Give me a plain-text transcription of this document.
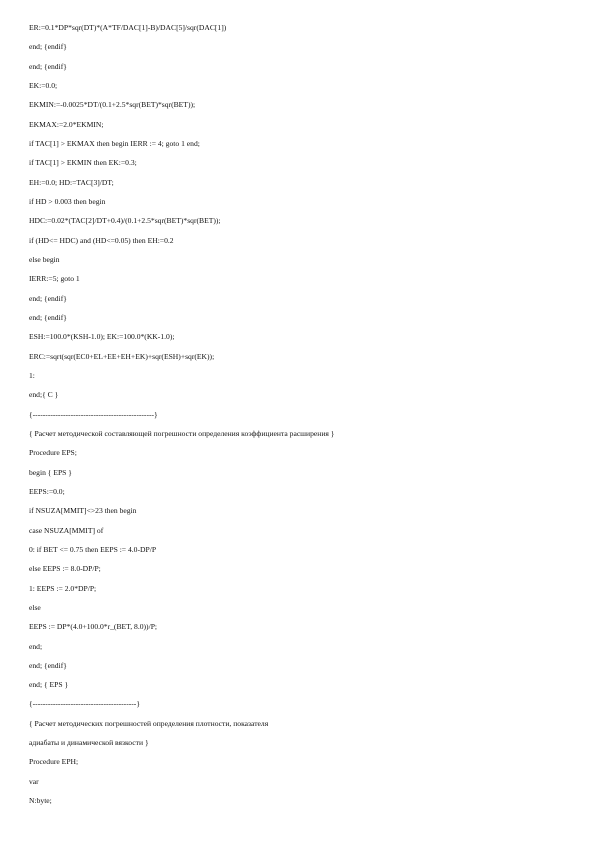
ER:=0.1*DP*sqr(DT)*(A*TF/DAC[1]-B)/DAC[5]/sqr(DAC[1])
end; {endif}
end; {endif}
EK:=0.0;
EKMIN:=-0.0025*DT/(0.1+2.5*sqr(BET)*sqr(BET));
EKMAX:=2.0*EKMIN;
if TAC[1] > EKMAX then begin IERR := 4; goto 1 end;
if TAC[1] > EKMIN then EK:=0.3;
EH:=0.0; HD:=TAC[3]/DT;
if HD > 0.003 then begin
HDC:=0.02*(TAC[2]/DT+0.4)/(0.1+2.5*sqr(BET)*sqr(BET));
if (HD<= HDC) and (HD<=0.05) then EH:=0.2
else begin
IERR:=5; goto 1
end; {endif}
end; {endif}
ESH:=100.0*(KSH-1.0); EK:=100.0*(KK-1.0);
ERC:=sqrt(sqr(EC0+EL+EE+EH+EK)+sqr(ESH)+sqr(EK));
1:
end;{ C }
{------------------------------------------------}
{ Расчет методической составляющей погрешности определения коэффициента расширения }
Procedure EPS;
begin { EPS }
EEPS:=0.0;
if NSUZA[MMIT]<>23 then begin
case NSUZA[MMIT] of
0: if BET <= 0.75 then EEPS := 4.0-DP/P
else EEPS := 8.0-DP/P;
1: EEPS := 2.0*DP/P;
else
EEPS := DP*(4.0+100.0*r_(BET, 8.0))/P;
end;
end; {endif}
end; { EPS }
{-----------------------------------------}
{ Расчет методических погрешностей определения плотности, показателя
адиабаты и динамической вязкости }
Procedure EPH;
var
N:byte;
